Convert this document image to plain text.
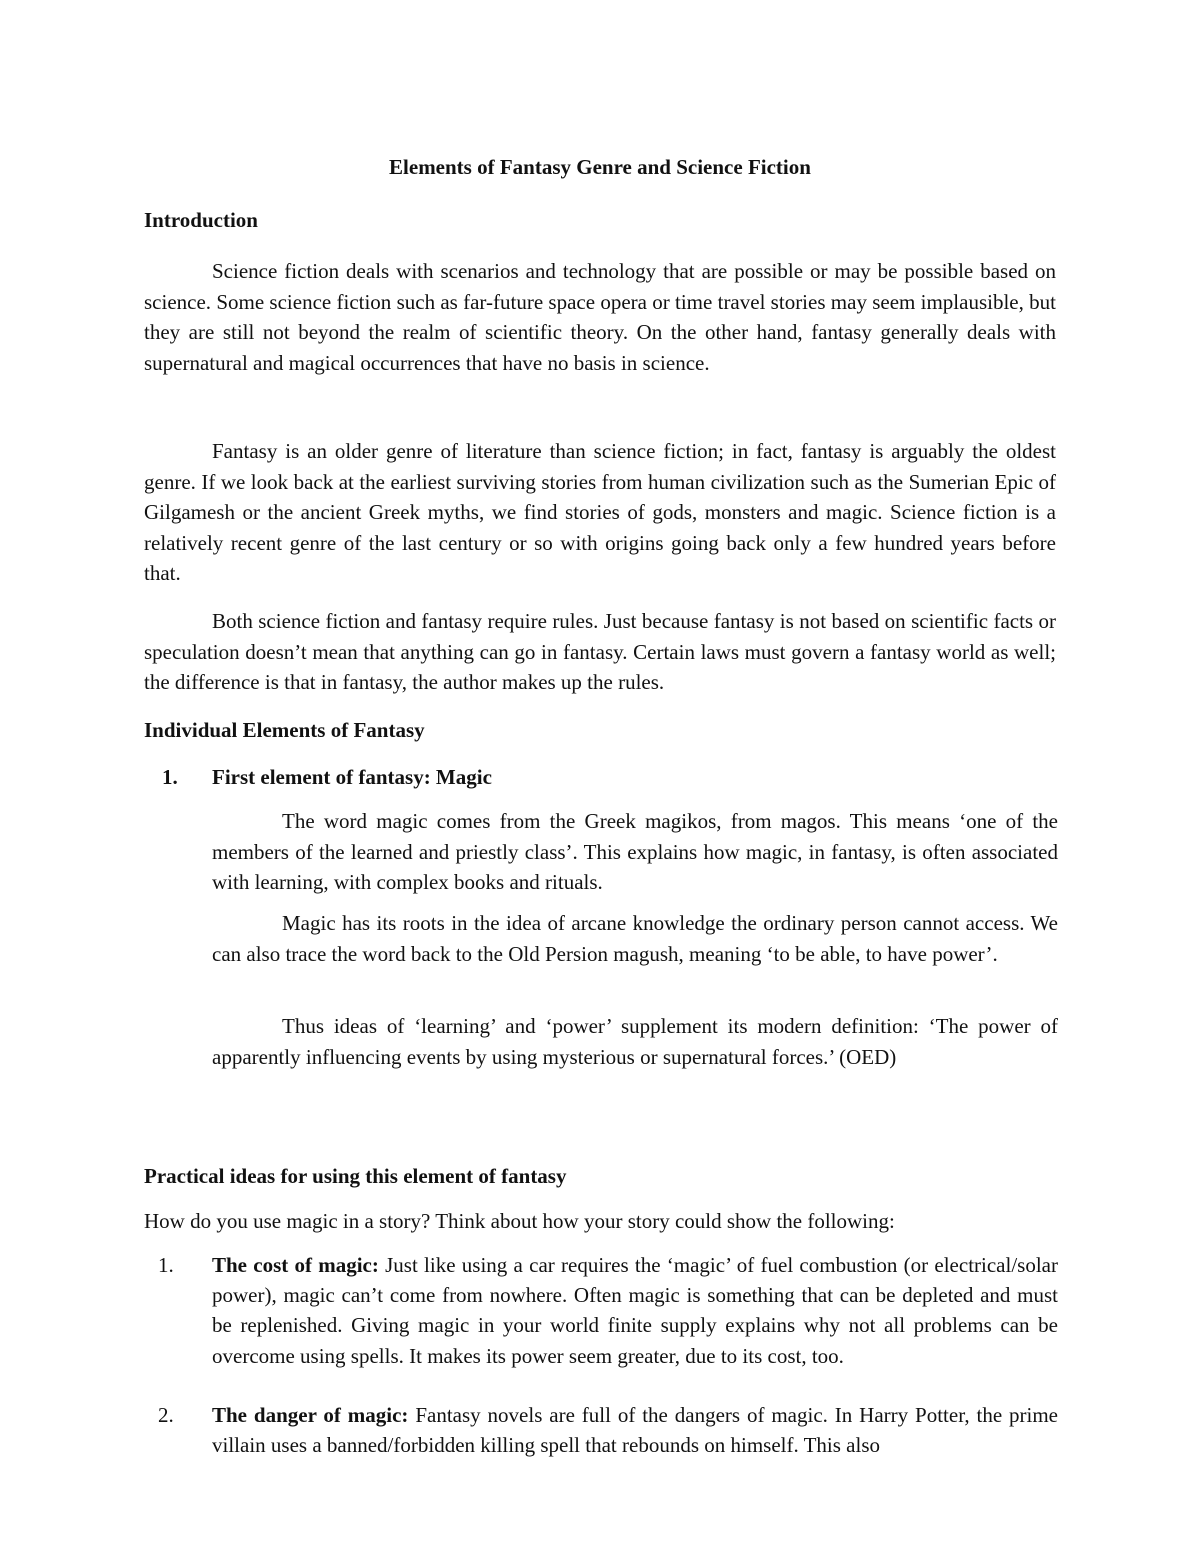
Elements of Fantasy Genre and Science Fiction
Introduction

Science fiction deals with scenarios and technology that are possible or may be possible based on science. Some science fiction such as far-future space opera or time travel stories may seem implausible, but they are still not beyond the realm of scientific theory. On the other hand, fantasy generally deals with supernatural and magical occurrences that have no basis in science.

Fantasy is an older genre of literature than science fiction; in fact, fantasy is arguably the oldest genre. If we look back at the earliest surviving stories from human civilization such as the Sumerian Epic of Gilgamesh or the ancient Greek myths, we find stories of gods, monsters and magic. Science fiction is a relatively recent genre of the last century or so with origins going back only a few hundred years before that.

Both science fiction and fantasy require rules. Just because fantasy is not based on scientific facts or speculation doesn’t mean that anything can go in fantasy. Certain laws must govern a fantasy world as well; the difference is that in fantasy, the author makes up the rules.

Individual Elements of Fantasy
1. First element of fantasy: Magic

The word magic comes from the Greek magikos, from magos. This means ‘one of the members of the learned and priestly class’. This explains how magic, in fantasy, is often associated with learning, with complex books and rituals.

Magic has its roots in the idea of arcane knowledge the ordinary person cannot access. We can also trace the word back to the Old Persion magush, meaning ‘to be able, to have power’.

Thus ideas of ‘learning’ and ‘power’ supplement its modern definition: ‘The power of apparently influencing events by using mysterious or supernatural forces.’ (OED)

Practical ideas for using this element of fantasy

How do you use magic in a story? Think about how your story could show the following:

1.	The cost of magic: Just like using a car requires the ‘magic’ of fuel combustion (or electrical/solar power), magic can’t come from nowhere. Often magic is something that can be depleted and must be replenished. Giving magic in your world finite supply explains why not all problems can be overcome using spells. It makes its power seem greater, due to its cost, too.
2.	The danger of magic: Fantasy novels are full of the dangers of magic. In Harry Potter, the prime villain uses a banned/forbidden killing spell that rebounds on himself. This also
